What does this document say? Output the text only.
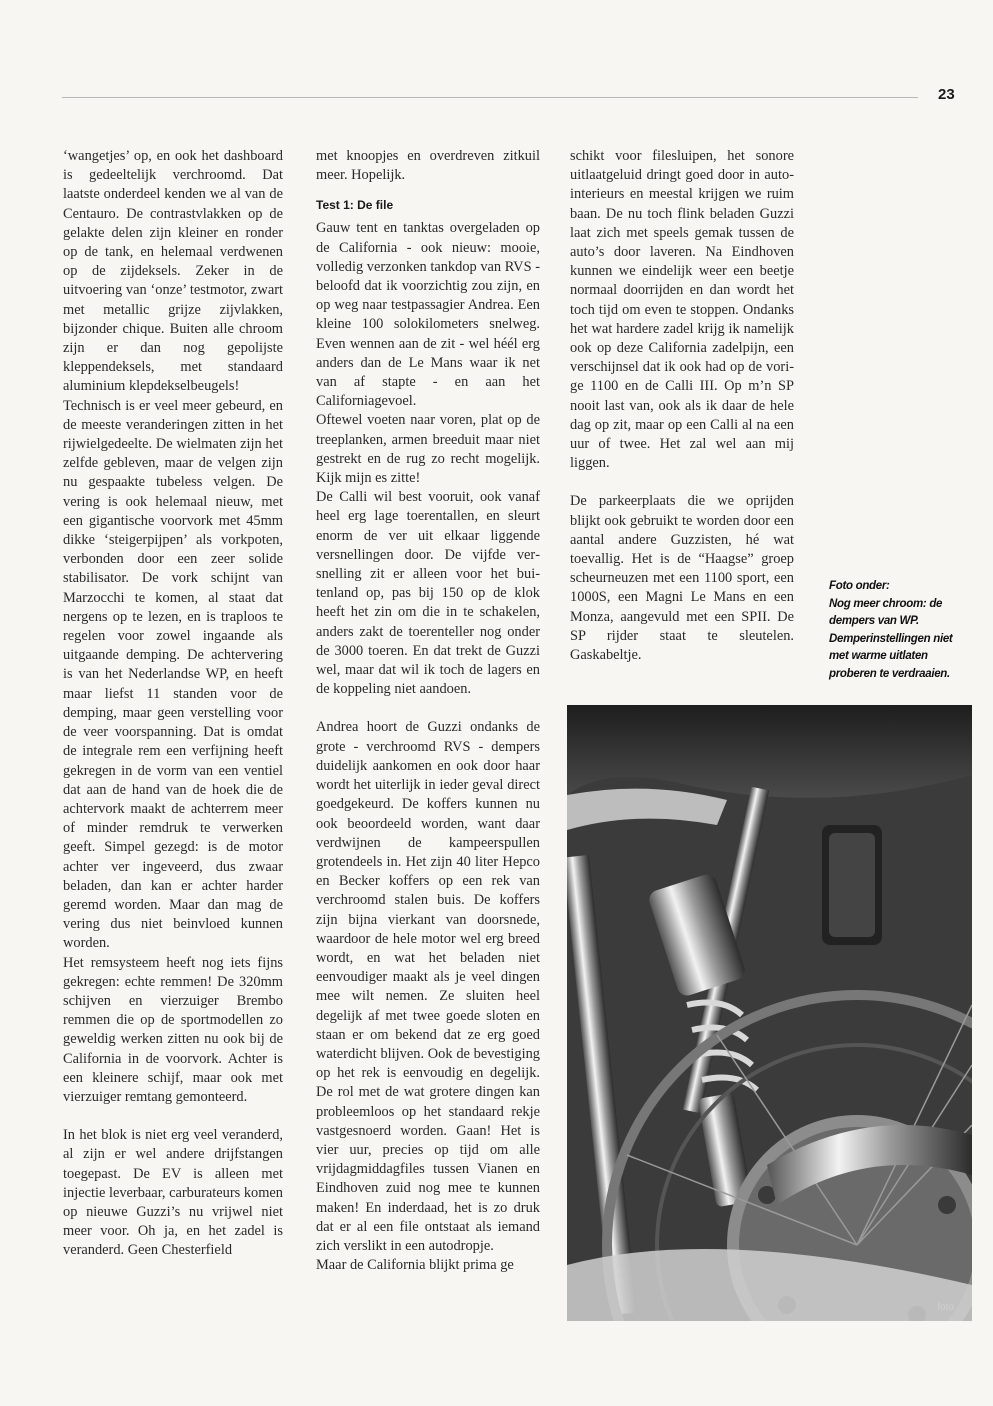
23

‘wangetjes’ op, en ook het dashboard is gedeeltelijk verchroomd. Dat laatste onderdeel kenden we al van de Centauro. De contrastvlakken op de gelakte delen zijn kleiner en ronder op de tank, en helemaal verdwenen op de zijdeksels. Zeker in de uitvoering van ‘onze’ testmotor, zwart met metallic grijze zijvlakken, bijzonder chique. Buiten alle chroom zijn er dan nog gepolijste kleppendeksels, met standaard aluminium klepdekselbeugels!

Technisch is er veel meer gebeurd, en de meeste veranderingen zitten in het rijwielgedeelte. De wielmaten zijn het zelfde gebleven, maar de velgen zijn nu gespaakte tubeless velgen. De vering is ook helemaal nieuw, met een gigantische voorvork met 45mm dikke ‘steigerpijpen’ als vorkpoten, verbonden door een zeer solide stabilisator. De vork schijnt van Marzocchi te komen, al staat dat nergens op te lezen, en is traploos te regelen voor zowel ingaande als uitgaande demping. De achtervering is van het Nederlandse WP, en heeft maar liefst 11 standen voor de demping, maar geen verstelling voor de veer voorspanning. Dat is omdat de integrale rem een verfijning heeft gekregen in de vorm van een ventiel dat aan de hand van de hoek die de achtervork maakt de achterrem meer of minder remdruk te verwerken geeft. Simpel gezegd: is de motor achter ver ingeveerd, dus zwaar beladen, dan kan er achter harder geremd worden. Maar dan mag de vering dus niet beinvloed kunnen worden.

Het remsysteem heeft nog iets fijns gekregen: echte remmen! De 320mm schijven en vierzuiger Brembo remmen die op de sportmodellen zo geweldig werken zitten nu ook bij de California in de voorvork. Achter is een kleinere schijf, maar ook met vierzuiger remtang gemonteerd.

In het blok is niet erg veel veranderd, al zijn er wel andere drijfstangen toegepast. De EV is alleen met injectie leverbaar, carburateurs komen op nieuwe Guzzi’s nu vrijwel niet meer voor. Oh ja, en het zadel is veranderd. Geen Chesterfield

met knoopjes en overdreven zitkuil meer. Hopelijk.

Test 1: De file

Gauw tent en tanktas overgeladen op de California - ook nieuw: mooie, volledig verzonken tankdop van RVS - beloofd dat ik voorzichtig zou zijn, en op weg naar testpassagier Andrea. Een kleine 100 solokilometers snelweg. Even wennen aan de zit - wel héél erg anders dan de Le Mans waar ik net van af stapte - en aan het Californiagevoel.

Oftewel voeten naar voren, plat op de treeplanken, armen breeduit maar niet gestrekt en de rug zo recht mogelijk. Kijk mijn es zitte!

De Calli wil best vooruit, ook vanaf heel erg lage toerentallen, en sleurt enorm de ver uit elkaar liggende versnellingen door. De vijfde versnelling zit er alleen voor het buitenland op, pas bij 150 op de klok heeft het zin om die in te schakelen, anders zakt de toerenteller nog onder de 3000 toeren. En dat trekt de Guzzi wel, maar dat wil ik toch de lagers en de koppeling niet aandoen.

Andrea hoort de Guzzi ondanks de grote - verchroomd RVS - dempers duidelijk aankomen en ook door haar wordt het uiterlijk in ieder geval direct goedgekeurd. De koffers kunnen nu ook beoordeeld worden, want daar verdwijnen de kampeerspullen grotendeels in. Het zijn 40 liter Hepco en Becker koffers op een rek van verchroomd stalen buis. De koffers zijn bijna vierkant van doorsnede, waardoor de hele motor wel erg breed wordt, en wat het beladen niet eenvoudiger maakt als je veel dingen mee wilt nemen. Ze sluiten heel degelijk af met twee goede sloten en staan er om bekend dat ze erg goed waterdicht blijven. Ook de bevestiging op het rek is eenvoudig en degelijk. De rol met de wat grotere dingen kan probleemloos op het standaard rekje vastgesnoerd worden. Gaan! Het is vier uur, precies op tijd om alle vrijdagmiddagfiles tussen Vianen en Eindhoven zuid nog mee te kunnen maken! En inderdaad, het is zo druk dat er al een file ontstaat als iemand zich verslikt in een autodropje.

Maar de California blijkt prima ge

schikt voor filesluipen, het sonore uitlaatgeluid dringt goed door in auto-interieurs en meestal krijgen we ruim baan. De nu toch flink beladen Guzzi laat zich met speels gemak tussen de auto’s door laveren. Na Eindhoven kunnen we eindelijk weer een beetje normaal doorrijden en dan wordt het toch tijd om even te stoppen. Ondanks het wat hardere zadel krijg ik namelijk ook op deze California zadelpijn, een verschijnsel dat ik ook had op de vorige 1100 en de Calli III. Op m’n SP nooit last van, ook als ik daar de hele dag op zit, maar op een Calli al na een uur of twee. Het zal wel aan mij liggen.

De parkeerplaats die we oprijden blijkt ook gebruikt te worden door een aantal andere Guzzisten, hé wat toevallig. Het is de “Haagse” groep scheurneuzen met een 1100 sport, een 1000S, een Magni Le Mans en een Monza, aangevuld met een SPII. De SP rijder staat te sleutelen. Gaskabeltje.

Foto onder:
Nog meer chroom: de dempers van WP. Demperinstellingen niet met warme uitlaten proberen te verdraaien.
foto
